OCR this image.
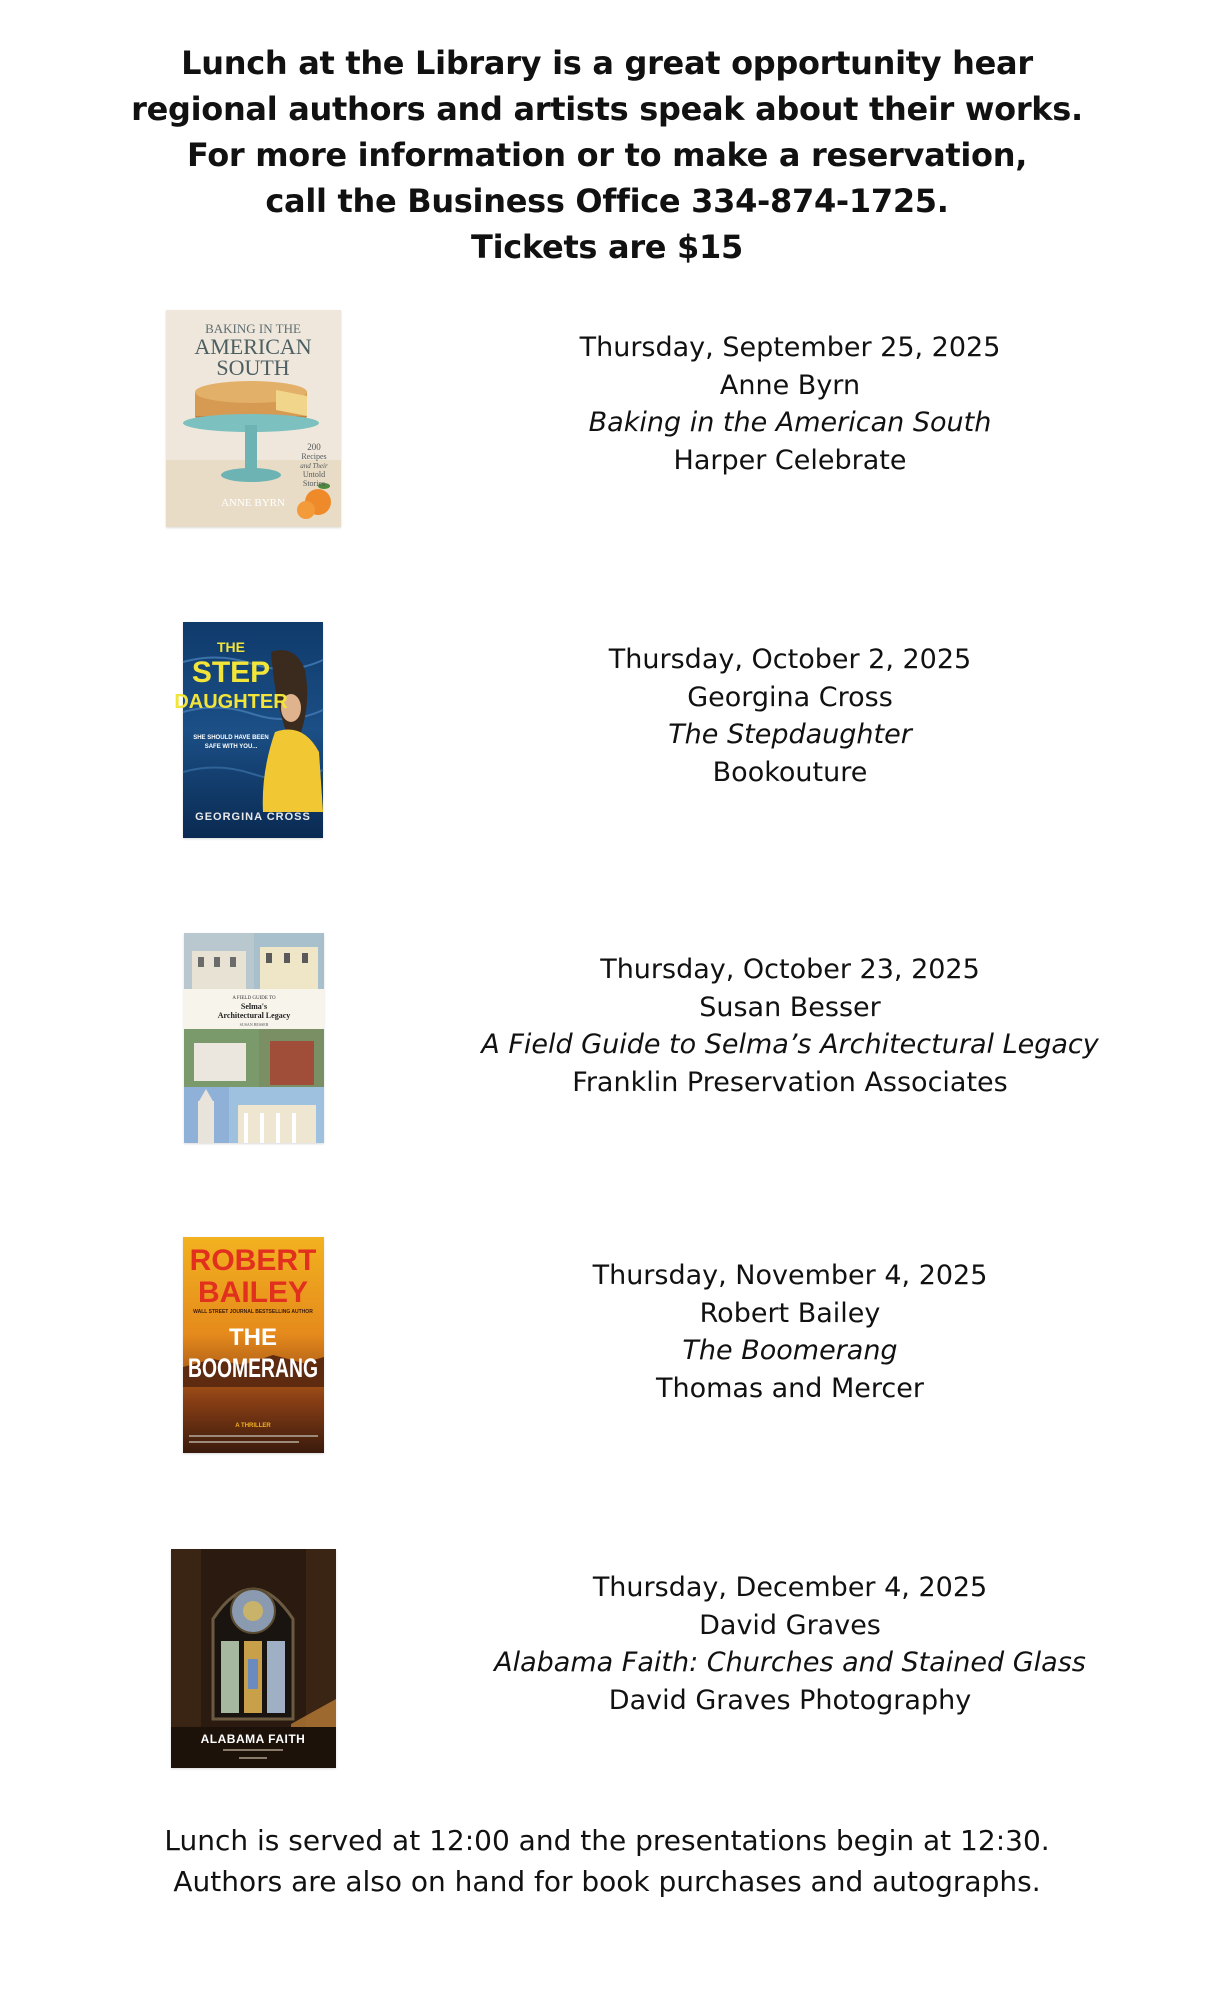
Lunch at the Library is a great opportunity hear
regional authors and artists speak about their works.
For more information or to make a reservation,
call the Business Office 334-874-1725.
Tickets are $15
BAKING IN THE
AMERICAN
SOUTH
200
Recipes
and Their
Untold
Stories
ANNE BYRN
Thursday, September 25, 2025
Anne Byrn
Baking in the American South
Harper Celebrate
THE
STEP
DAUGHTER
SHE SHOULD HAVE BEEN
SAFE WITH YOU...
GEORGINA CROSS
Thursday, October 2, 2025
Georgina Cross
The Stepdaughter
Bookouture
A FIELD GUIDE TO
Selma's
Architectural Legacy
SUSAN BESSER
Thursday, October 23, 2025
Susan Besser
A Field Guide to Selma’s Architectural Legacy
Franklin Preservation Associates
ROBERT
BAILEY
WALL STREET JOURNAL BESTSELLING AUTHOR
THE
BOOMERANG
A THRILLER
Thursday, November 4, 2025
Robert Bailey
The Boomerang
Thomas and Mercer
ALABAMA FAITH
Thursday, December 4, 2025
David Graves
Alabama Faith: Churches and Stained Glass
David Graves Photography
Lunch is served at 12:00 and the presentations begin at 12:30.
Authors are also on hand for book purchases and autographs.
